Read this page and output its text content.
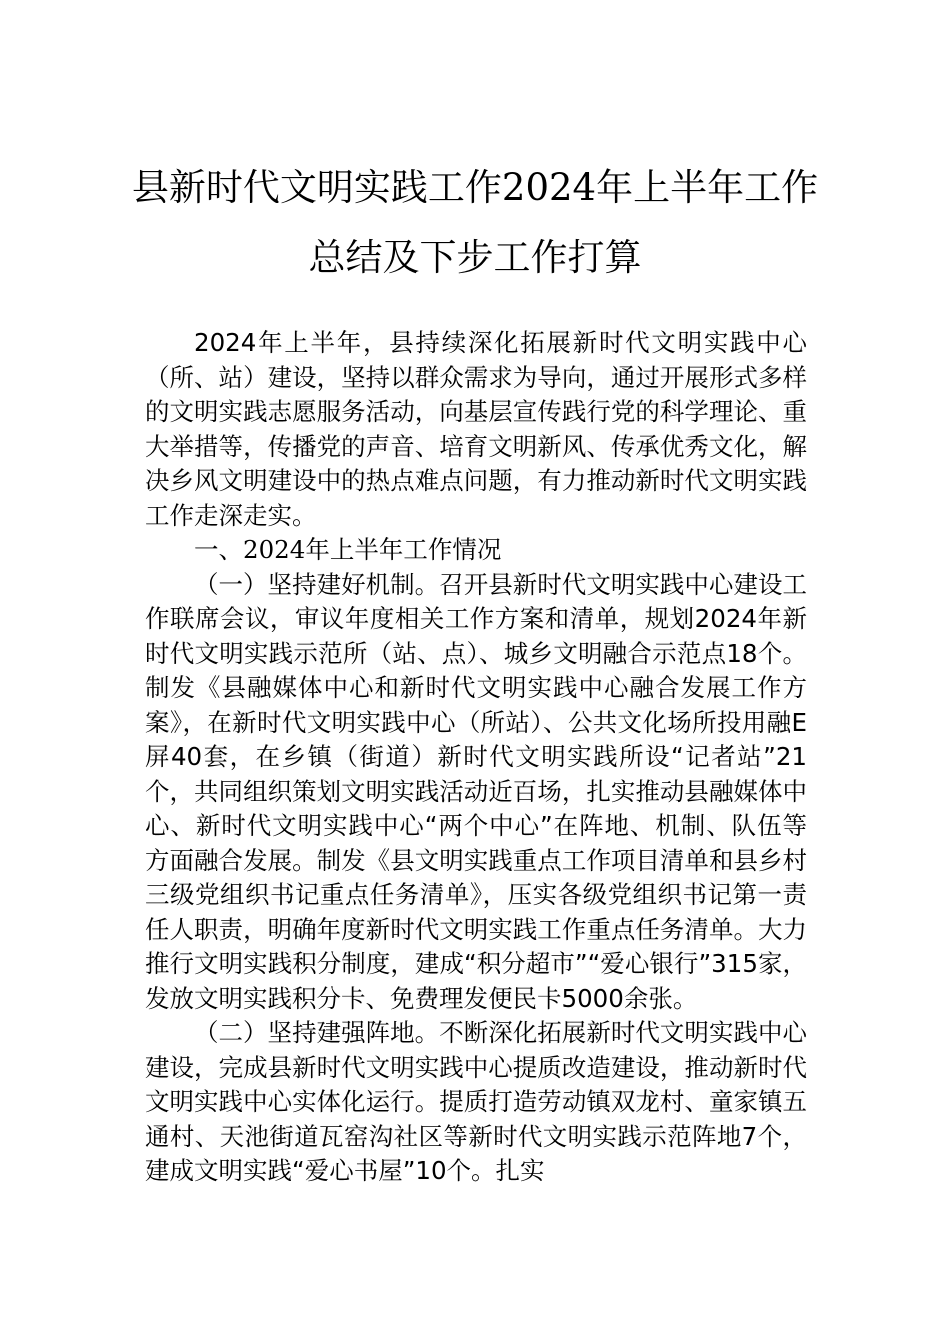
县新时代文明实践工作2024年上半年工作
总结及下步工作打算

2024年上半年，县持续深化拓展新时代文明实践中心（所、站）建设，坚持以群众需求为导向，通过开展形式多样的文明实践志愿服务活动，向基层宣传践行党的科学理论、重大举措等，传播党的声音、培育文明新风、传承优秀文化，解决乡风文明建设中的热点难点问题，有力推动新时代文明实践工作走深走实。

一、2024年上半年工作情况

（一）坚持建好机制。召开县新时代文明实践中心建设工作联席会议，审议年度相关工作方案和清单，规划2024年新时代文明实践示范所（站、点）、城乡文明融合示范点18个。制发《县融媒体中心和新时代文明实践中心融合发展工作方案》，在新时代文明实践中心（所站）、公共文化场所投用融E屏40套，在乡镇（街道）新时代文明实践所设“记者站”21个，共同组织策划文明实践活动近百场，扎实推动县融媒体中心、新时代文明实践中心“两个中心”在阵地、机制、队伍等方面融合发展。制发《县文明实践重点工作项目清单和县乡村三级党组织书记重点任务清单》，压实各级党组织书记第一责任人职责，明确年度新时代文明实践工作重点任务清单。大力推行文明实践积分制度，建成“积分超市”“爱心银行”315家，发放文明实践积分卡、免费理发便民卡5000余张。

（二）坚持建强阵地。不断深化拓展新时代文明实践中心建设，完成县新时代文明实践中心提质改造建设，推动新时代文明实践中心实体化运行。提质打造劳动镇双龙村、童家镇五通村、天池街道瓦窑沟社区等新时代文明实践示范阵地7个，建成文明实践“爱心书屋”10个。扎实
